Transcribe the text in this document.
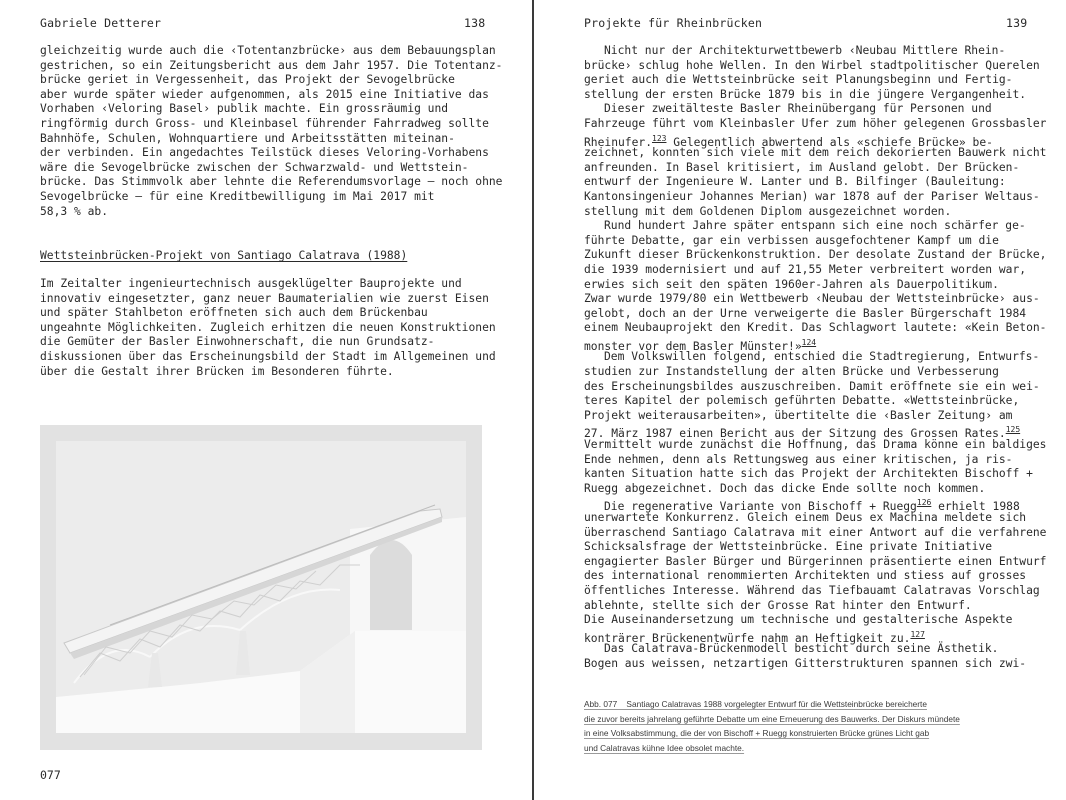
Gabriele Detterer	138
gleichzeitig wurde auch die ‹Totentanzbrücke› aus dem Bebauungsplan
gestrichen, so ein Zeitungsbericht aus dem Jahr 1957. Die Totentanz-
brücke geriet in Vergessenheit, das Projekt der Sevogelbrücke
aber wurde später wieder aufgenommen, als 2015 eine Initiative das
Vorhaben ‹Veloring Basel› publik machte. Ein grossräumig und
ringförmig durch Gross- und Kleinbasel führender Fahrradweg sollte
Bahnhöfe, Schulen, Wohnquartiere und Arbeitsstätten miteinan-
der verbinden. Ein angedachtes Teilstück dieses Veloring-Vorhabens
wäre die Sevogelbrücke zwischen der Schwarzwald- und Wettstein-
brücke. Das Stimmvolk aber lehnte die Referendumsvorlage – noch ohne
Sevogelbrücke – für eine Kreditbewilligung im Mai 2017 mit
58,3 % ab.
Wettsteinbrücken-Projekt von Santiago Calatrava (1988)
Im Zeitalter ingenieurtechnisch ausgeklügelter Bauprojekte und
innovativ eingesetzter, ganz neuer Baumaterialien wie zuerst Eisen
und später Stahlbeton eröffneten sich auch dem Brückenbau
ungeahnte Möglichkeiten. Zugleich erhitzen die neuen Konstruktionen
die Gemüter der Basler Einwohnerschaft, die nun Grundsatz-
diskussionen über das Erscheinungsbild der Stadt im Allgemeinen und
über die Gestalt ihrer Brücken im Besonderen führte.
077
Projekte für Rheinbrücken	139
Nicht nur der Architekturwettbewerb ‹Neubau Mittlere Rhein-
brücke› schlug hohe Wellen. In den Wirbel stadtpolitischer Querelen
geriet auch die Wettsteinbrücke seit Planungsbeginn und Fertig-
stellung der ersten Brücke 1879 bis in die jüngere Vergangenheit.
Dieser zweitälteste Basler Rheinübergang für Personen und
Fahrzeuge führt vom Kleinbasler Ufer zum höher gelegenen Grossbasler
Rheinufer.$^{123}$ Gelegentlich abwertend als «schiefe Brücke» be-
zeichnet, konnten sich viele mit dem reich dekorierten Bauwerk nicht
anfreunden. In Basel kritisiert, im Ausland gelobt. Der Brücken-
entwurf der Ingenieure W. Lanter und B. Bilfinger (Bauleitung:
Kantonsingenieur Johannes Merian) war 1878 auf der Pariser Weltaus-
stellung mit dem Goldenen Diplom ausgezeichnet worden.
Rund hundert Jahre später entspann sich eine noch schärfer ge-
führte Debatte, gar ein verbissen ausgefochtener Kampf um die
Zukunft dieser Brückenkonstruktion. Der desolate Zustand der Brücke,
die 1939 modernisiert und auf 21,55 Meter verbreitert worden war,
erwies sich seit den späten 1960er-Jahren als Dauerpolitikum.
Zwar wurde 1979/80 ein Wettbewerb ‹Neubau der Wettsteinbrücke› aus-
gelobt, doch an der Urne verweigerte die Basler Bürgerschaft 1984
einem Neubauprojekt den Kredit. Das Schlagwort lautete: «Kein Beton-
monster vor dem Basler Münster!»$^{124}$
Dem Volkswillen folgend, entschied die Stadtregierung, Entwurfs-
studien zur Instandstellung der alten Brücke und Verbesserung
des Erscheinungsbildes auszuschreiben. Damit eröffnete sie ein wei-
teres Kapitel der polemisch geführten Debatte. «Wettsteinbrücke,
Projekt weiterausarbeiten», übertitelte die ‹Basler Zeitung› am
27. März 1987 einen Bericht aus der Sitzung des Grossen Rates.$^{125}$
Vermittelt wurde zunächst die Hoffnung, das Drama könne ein baldiges
Ende nehmen, denn als Rettungsweg aus einer kritischen, ja ris-
kanten Situation hatte sich das Projekt der Architekten Bischoff +
Ruegg abgezeichnet. Doch das dicke Ende sollte noch kommen.
Die regenerative Variante von Bischoff + Ruegg$^{126}$ erhielt 1988
unerwartete Konkurrenz. Gleich einem Deus ex Machina meldete sich
überraschend Santiago Calatrava mit einer Antwort auf die verfahrene
Schicksalsfrage der Wettsteinbrücke. Eine private Initiative
engagierter Basler Bürger und Bürgerinnen präsentierte einen Entwurf
des international renommierten Architekten und stiess auf grosses
öffentliches Interesse. Während das Tiefbauamt Calatravas Vorschlag
ablehnte, stellte sich der Grosse Rat hinter den Entwurf.
Die Auseinandersetzung um technische und gestalterische Aspekte
konträrer Brückenentwürfe nahm an Heftigkeit zu.$^{127}$
Das Calatrava-Brückenmodell besticht durch seine Ästhetik.
Bogen aus weissen, netzartigen Gitterstrukturen spannen sich zwi-
Abb. 077    Santiago Calatravas 1988 vorgelegter Entwurf für die Wettsteinbrücke bereicherte
die zuvor bereits jahrelang geführte Debatte um eine Erneuerung des Bauwerks. Der Diskurs mündete
in eine Volksabstimmung, die der von Bischoff + Ruegg konstruierten Brücke grünes Licht gab
und Calatravas kühne Idee obsolet machte.
